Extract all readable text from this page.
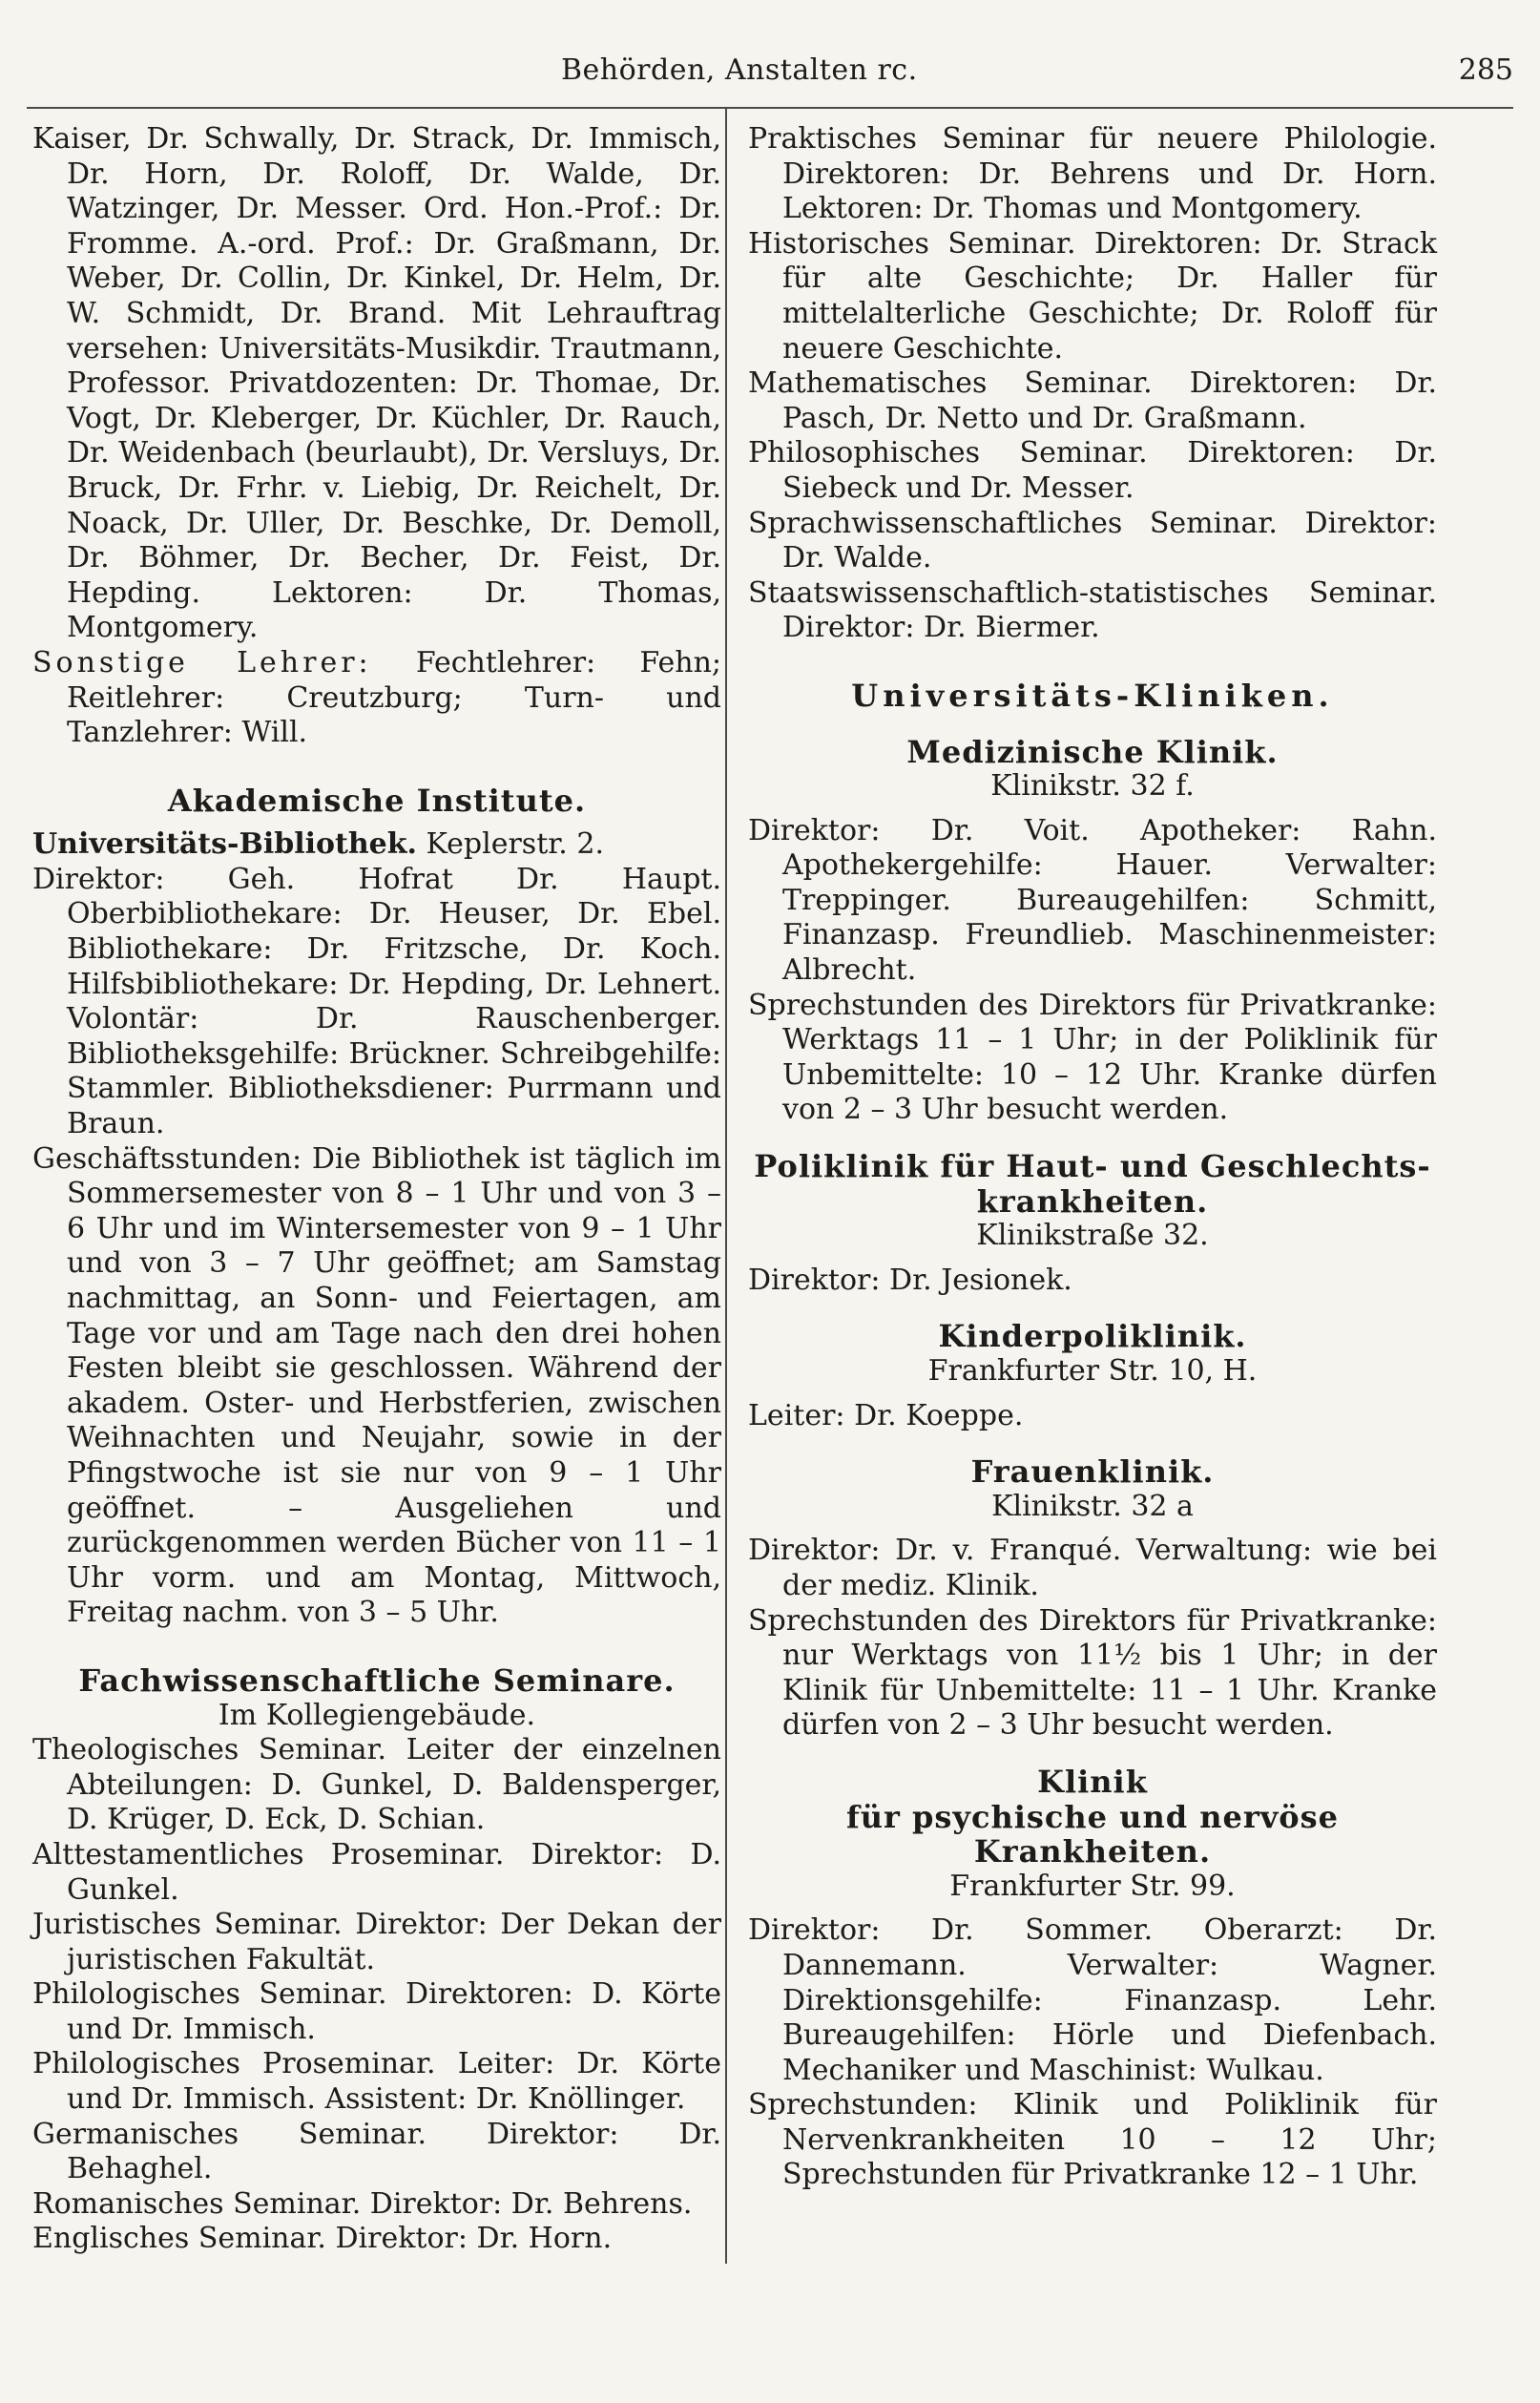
Behörden, Anstalten rc.	285

Kaiser, Dr. Schwally, Dr. Strack, Dr. Immisch, Dr. Horn, Dr. Roloff, Dr. Walde, Dr. Watzinger, Dr. Messer. Ord. Hon.-Prof.: Dr. Fromme. A.-ord. Prof.: Dr. Graßmann, Dr. Weber, Dr. Collin, Dr. Kinkel, Dr. Helm, Dr. W. Schmidt, Dr. Brand. Mit Lehrauftrag versehen: Universitäts-Musikdir. Trautmann, Professor. Privatdozenten: Dr. Thomae, Dr. Vogt, Dr. Kleberger, Dr. Küchler, Dr. Rauch, Dr. Weidenbach (beurlaubt), Dr. Versluys, Dr. Bruck, Dr. Frhr. v. Liebig, Dr. Reichelt, Dr. Noack, Dr. Uller, Dr. Beschke, Dr. Demoll, Dr. Böhmer, Dr. Becher, Dr. Feist, Dr. Hepding. Lektoren: Dr. Thomas, Montgomery.

Sonstige Lehrer: Fechtlehrer: Fehn; Reitlehrer: Creutzburg; Turn- und Tanzlehrer: Will.

Akademische Institute.

Universitäts-Bibliothek. Keplerstr. 2.

Direktor: Geh. Hofrat Dr. Haupt. Oberbibliothekare: Dr. Heuser, Dr. Ebel. Bibliothekare: Dr. Fritzsche, Dr. Koch. Hilfsbibliothekare: Dr. Hepding, Dr. Lehnert. Volontär: Dr. Rauschenberger. Bibliotheksgehilfe: Brückner. Schreibgehilfe: Stammler. Bibliotheksdiener: Purrmann und Braun.

Geschäftsstunden: Die Bibliothek ist täglich im Sommersemester von 8 – 1 Uhr und von 3 – 6 Uhr und im Wintersemester von 9 – 1 Uhr und von 3 – 7 Uhr geöffnet; am Samstag nachmittag, an Sonn- und Feiertagen, am Tage vor und am Tage nach den drei hohen Festen bleibt sie geschlossen. Während der akadem. Oster- und Herbstferien, zwischen Weihnachten und Neujahr, sowie in der Pfingstwoche ist sie nur von 9 – 1 Uhr geöffnet. – Ausgeliehen und zurückgenommen werden Bücher von 11 – 1 Uhr vorm. und am Montag, Mittwoch, Freitag nachm. von 3 – 5 Uhr.

Fachwissenschaftliche Seminare.

Im Kollegiengebäude.

Theologisches Seminar. Leiter der einzelnen Abteilungen: D. Gunkel, D. Baldensperger, D. Krüger, D. Eck, D. Schian.

Alttestamentliches Proseminar. Direktor: D. Gunkel.

Juristisches Seminar. Direktor: Der Dekan der juristischen Fakultät.

Philologisches Seminar. Direktoren: D. Körte und Dr. Immisch.

Philologisches Proseminar. Leiter: Dr. Körte und Dr. Immisch. Assistent: Dr. Knöllinger.

Germanisches Seminar. Direktor: Dr. Behaghel.

Romanisches Seminar. Direktor: Dr. Behrens.

Englisches Seminar. Direktor: Dr. Horn.

Praktisches Seminar für neuere Philologie. Direktoren: Dr. Behrens und Dr. Horn. Lektoren: Dr. Thomas und Montgomery.

Historisches Seminar. Direktoren: Dr. Strack für alte Geschichte; Dr. Haller für mittelalterliche Geschichte; Dr. Roloff für neuere Geschichte.

Mathematisches Seminar. Direktoren: Dr. Pasch, Dr. Netto und Dr. Graßmann.

Philosophisches Seminar. Direktoren: Dr. Siebeck und Dr. Messer.

Sprachwissenschaftliches Seminar. Direktor: Dr. Walde.

Staatswissenschaftlich-statistisches Seminar. Direktor: Dr. Biermer.

Universitäts-Kliniken.

Medizinische Klinik.

Klinikstr. 32 f.

Direktor: Dr. Voit. Apotheker: Rahn. Apothekergehilfe: Hauer. Verwalter: Treppinger. Bureaugehilfen: Schmitt, Finanzasp. Freundlieb. Maschinenmeister: Albrecht.

Sprechstunden des Direktors für Privatkranke: Werktags 11 – 1 Uhr; in der Poliklinik für Unbemittelte: 10 – 12 Uhr. Kranke dürfen von 2 – 3 Uhr besucht werden.

Poliklinik für Haut- und Geschlechts-

krankheiten.

Klinikstraße 32.

Direktor: Dr. Jesionek.

Kinderpoliklinik.

Frankfurter Str. 10, H.

Leiter: Dr. Koeppe.

Frauenklinik.

Klinikstr. 32 a

Direktor: Dr. v. Franqué. Verwaltung: wie bei der mediz. Klinik.

Sprechstunden des Direktors für Privatkranke: nur Werktags von 11½ bis 1 Uhr; in der Klinik für Unbemittelte: 11 – 1 Uhr. Kranke dürfen von 2 – 3 Uhr besucht werden.

Klinik

für psychische und nervöse Krankheiten.

Frankfurter Str. 99.

Direktor: Dr. Sommer. Oberarzt: Dr. Dannemann. Verwalter: Wagner. Direktionsgehilfe: Finanzasp. Lehr. Bureaugehilfen: Hörle und Diefenbach. Mechaniker und Maschinist: Wulkau.

Sprechstunden: Klinik und Poliklinik für Nervenkrankheiten 10 – 12 Uhr; Sprechstunden für Privatkranke 12 – 1 Uhr.
